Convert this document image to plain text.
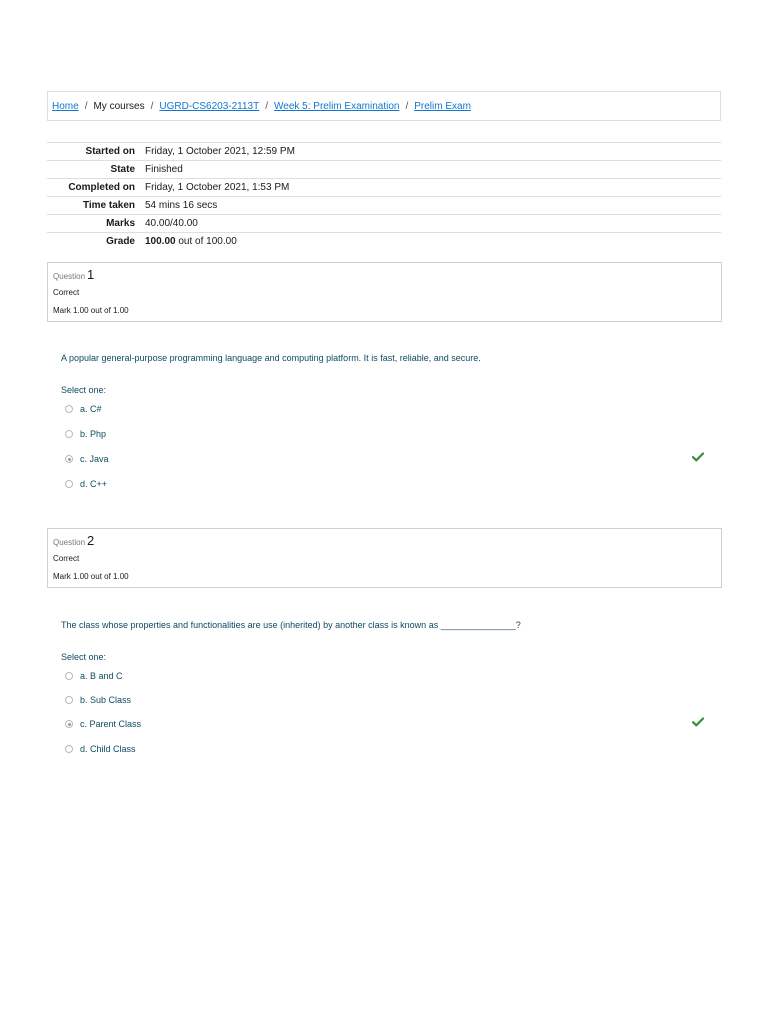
Home / My courses / UGRD-CS6203-2113T / Week 5: Prelim Examination / Prelim Exam
Started on	Friday, 1 October 2021, 12:59 PM
State	Finished
Completed on	Friday, 1 October 2021, 1:53 PM
Time taken	54 mins 16 secs
Marks	40.00/40.00
Grade	100.00 out of 100.00
Question 1
Correct
Mark 1.00 out of 1.00
A popular general-purpose programming language and computing platform. It is fast, reliable, and secure.
Select one:
a. C#
b. Php
c. Java
d. C++
Question 2
Correct
Mark 1.00 out of 1.00
The class whose properties and functionalities are use (inherited) by another class is known as _______________?
Select one:
a. B and C
b. Sub Class
c. Parent Class
d. Child Class
